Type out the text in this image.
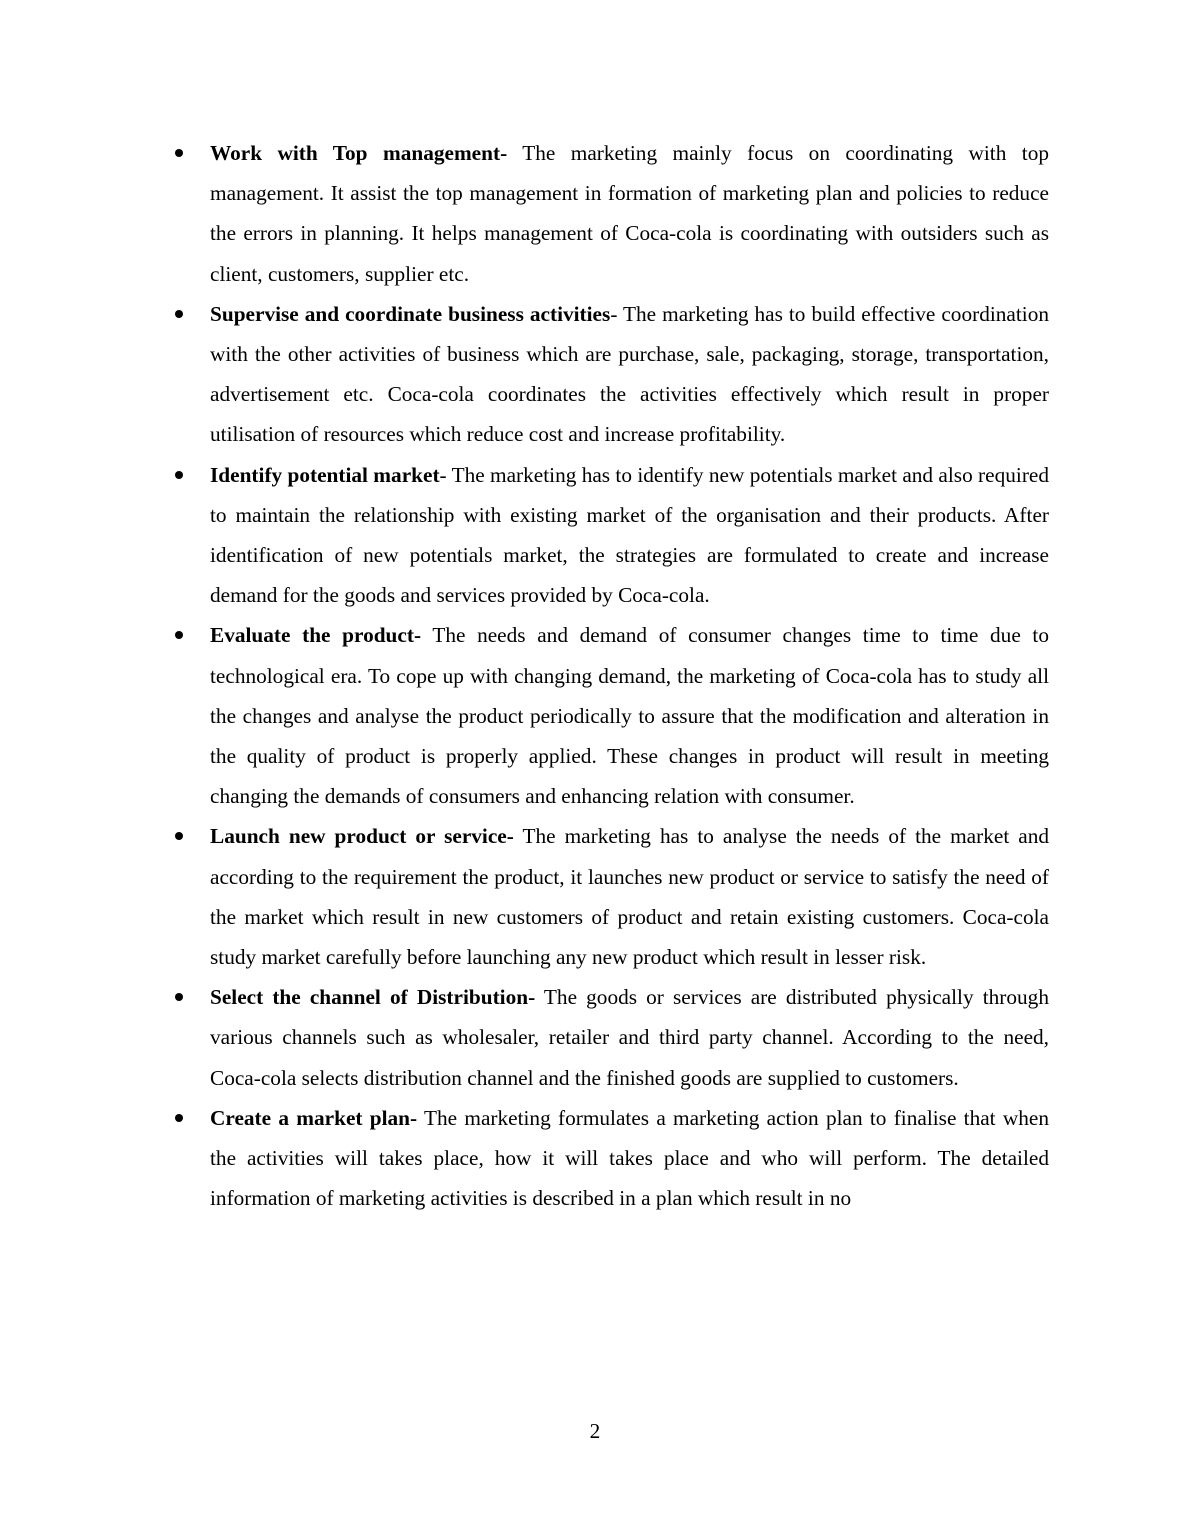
Work with Top management- The marketing mainly focus on coordinating with top management. It assist the top management in formation of marketing plan and policies to reduce the errors in planning. It helps management of Coca-cola is coordinating with outsiders such as client, customers, supplier etc.
Supervise and coordinate business activities- The marketing has to build effective coordination with the other activities of business which are purchase, sale, packaging, storage, transportation, advertisement etc. Coca-cola coordinates the activities effectively which result in proper utilisation of resources which reduce cost and increase profitability.
Identify potential market- The marketing has to identify new potentials market and also required to maintain the relationship with existing market of the organisation and their products. After identification of new potentials market, the strategies are formulated to create and increase demand for the goods and services provided by Coca-cola.
Evaluate the product- The needs and demand of consumer changes time to time due to technological era. To cope up with changing demand, the marketing of Coca-cola has to study all the changes and analyse the product periodically to assure that the modification and alteration in the quality of product is properly applied. These changes in product will result in meeting changing the demands of consumers and enhancing relation with consumer.
Launch new product or service- The marketing has to analyse the needs of the market and according to the requirement the product, it launches new product or service to satisfy the need of the market which result in new customers of product and retain existing customers. Coca-cola study market carefully before launching any new product which result in lesser risk.
Select the channel of Distribution- The goods or services are distributed physically through various channels such as wholesaler, retailer and third party channel. According to the need, Coca-cola selects distribution channel and the finished goods are supplied to customers.
Create a market plan- The marketing formulates a marketing action plan to finalise that when the activities will takes place, how it will takes place and who will perform. The detailed information of marketing activities is described in a plan which result in no
2
